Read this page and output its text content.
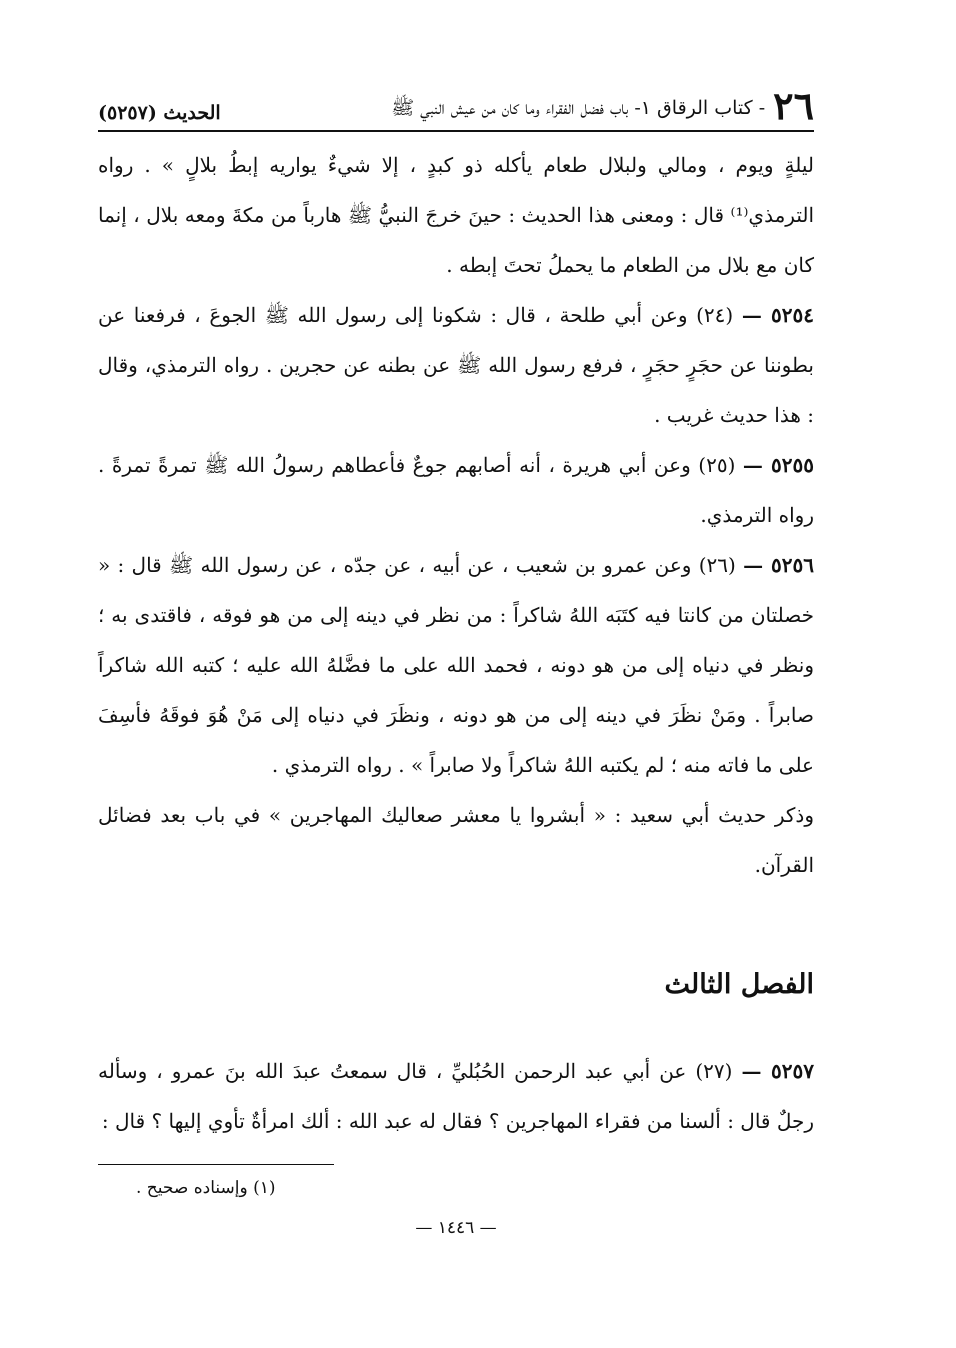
٢٦
- كتاب الرقاق ١- باب فضل الفقراء وما كان من عيش النبي ﷺ
الحديث (٥٢٥٧)

ليلةٍ ويوم ، ومالي ولبلال طعام يأكله ذو كبدٍ ، إلا شيءٌ يواريه إبطُ بلالٍ » . رواه الترمذي⁽¹⁾ قال : ومعنى هذا الحديث : حينَ خرجَ النبيُّ ﷺ هارباً من مكةَ ومعه بلال ، إنما كان مع بلال من الطعام ما يحملُ تحتَ إبطه .

٥٢٥٤ — (٢٤) وعن أبي طلحة ، قال : شكونا إلى رسول الله ﷺ الجوعَ ، فرفعنا عن بطوننا عن حجَرٍ حجَرٍ ، فرفع رسول الله ﷺ عن بطنه عن حجرين . رواه الترمذي، وقال : هذا حديث غريب .

٥٢٥٥ — (٢٥) وعن أبي هريرة ، أنه أصابهم جوعٌ فأعطاهم رسولُ الله ﷺ تمرةً تمرةً . رواه الترمذي.

٥٢٥٦ — (٢٦) وعن عمرو بن شعيب ، عن أبيه ، عن جدّه ، عن رسول الله ﷺ قال : « خصلتان من كانتا فيه كتَبَه اللهُ شاكراً : من نظر في دينه إلى من هو فوقه ، فاقتدى به ؛ ونظر في دنياه إلى من هو دونه ، فحمد الله على ما فضَّلهُ الله عليه ؛ كتبه الله شاكراً صابراً . ومَنْ نظَرَ في دينه إلى من هو دونه ، ونظَرَ في دنياه إلى مَنْ هُوَ فوقَهُ فأسِفَ على ما فاته منه ؛ لم يكتبه اللهُ شاكراً ولا صابراً » . رواه الترمذي .

وذكر حديث أبي سعيد : « أبشروا يا معشر صعاليك المهاجرين » في باب بعد فضائل القرآن.

الفصل الثالث

٥٢٥٧ — (٢٧) عن أبي عبد الرحمن الحُبُليِّ ، قال سمعتُ عبدَ الله بنَ عمرو ، وسأله رجلٌ قال : ألسنا من فقراء المهاجرين ؟ فقال له عبد الله : ألك امرأةٌ تأوي إليها ؟ قال :

(١) وإسناده صحيح .
— ١٤٤٦ —
